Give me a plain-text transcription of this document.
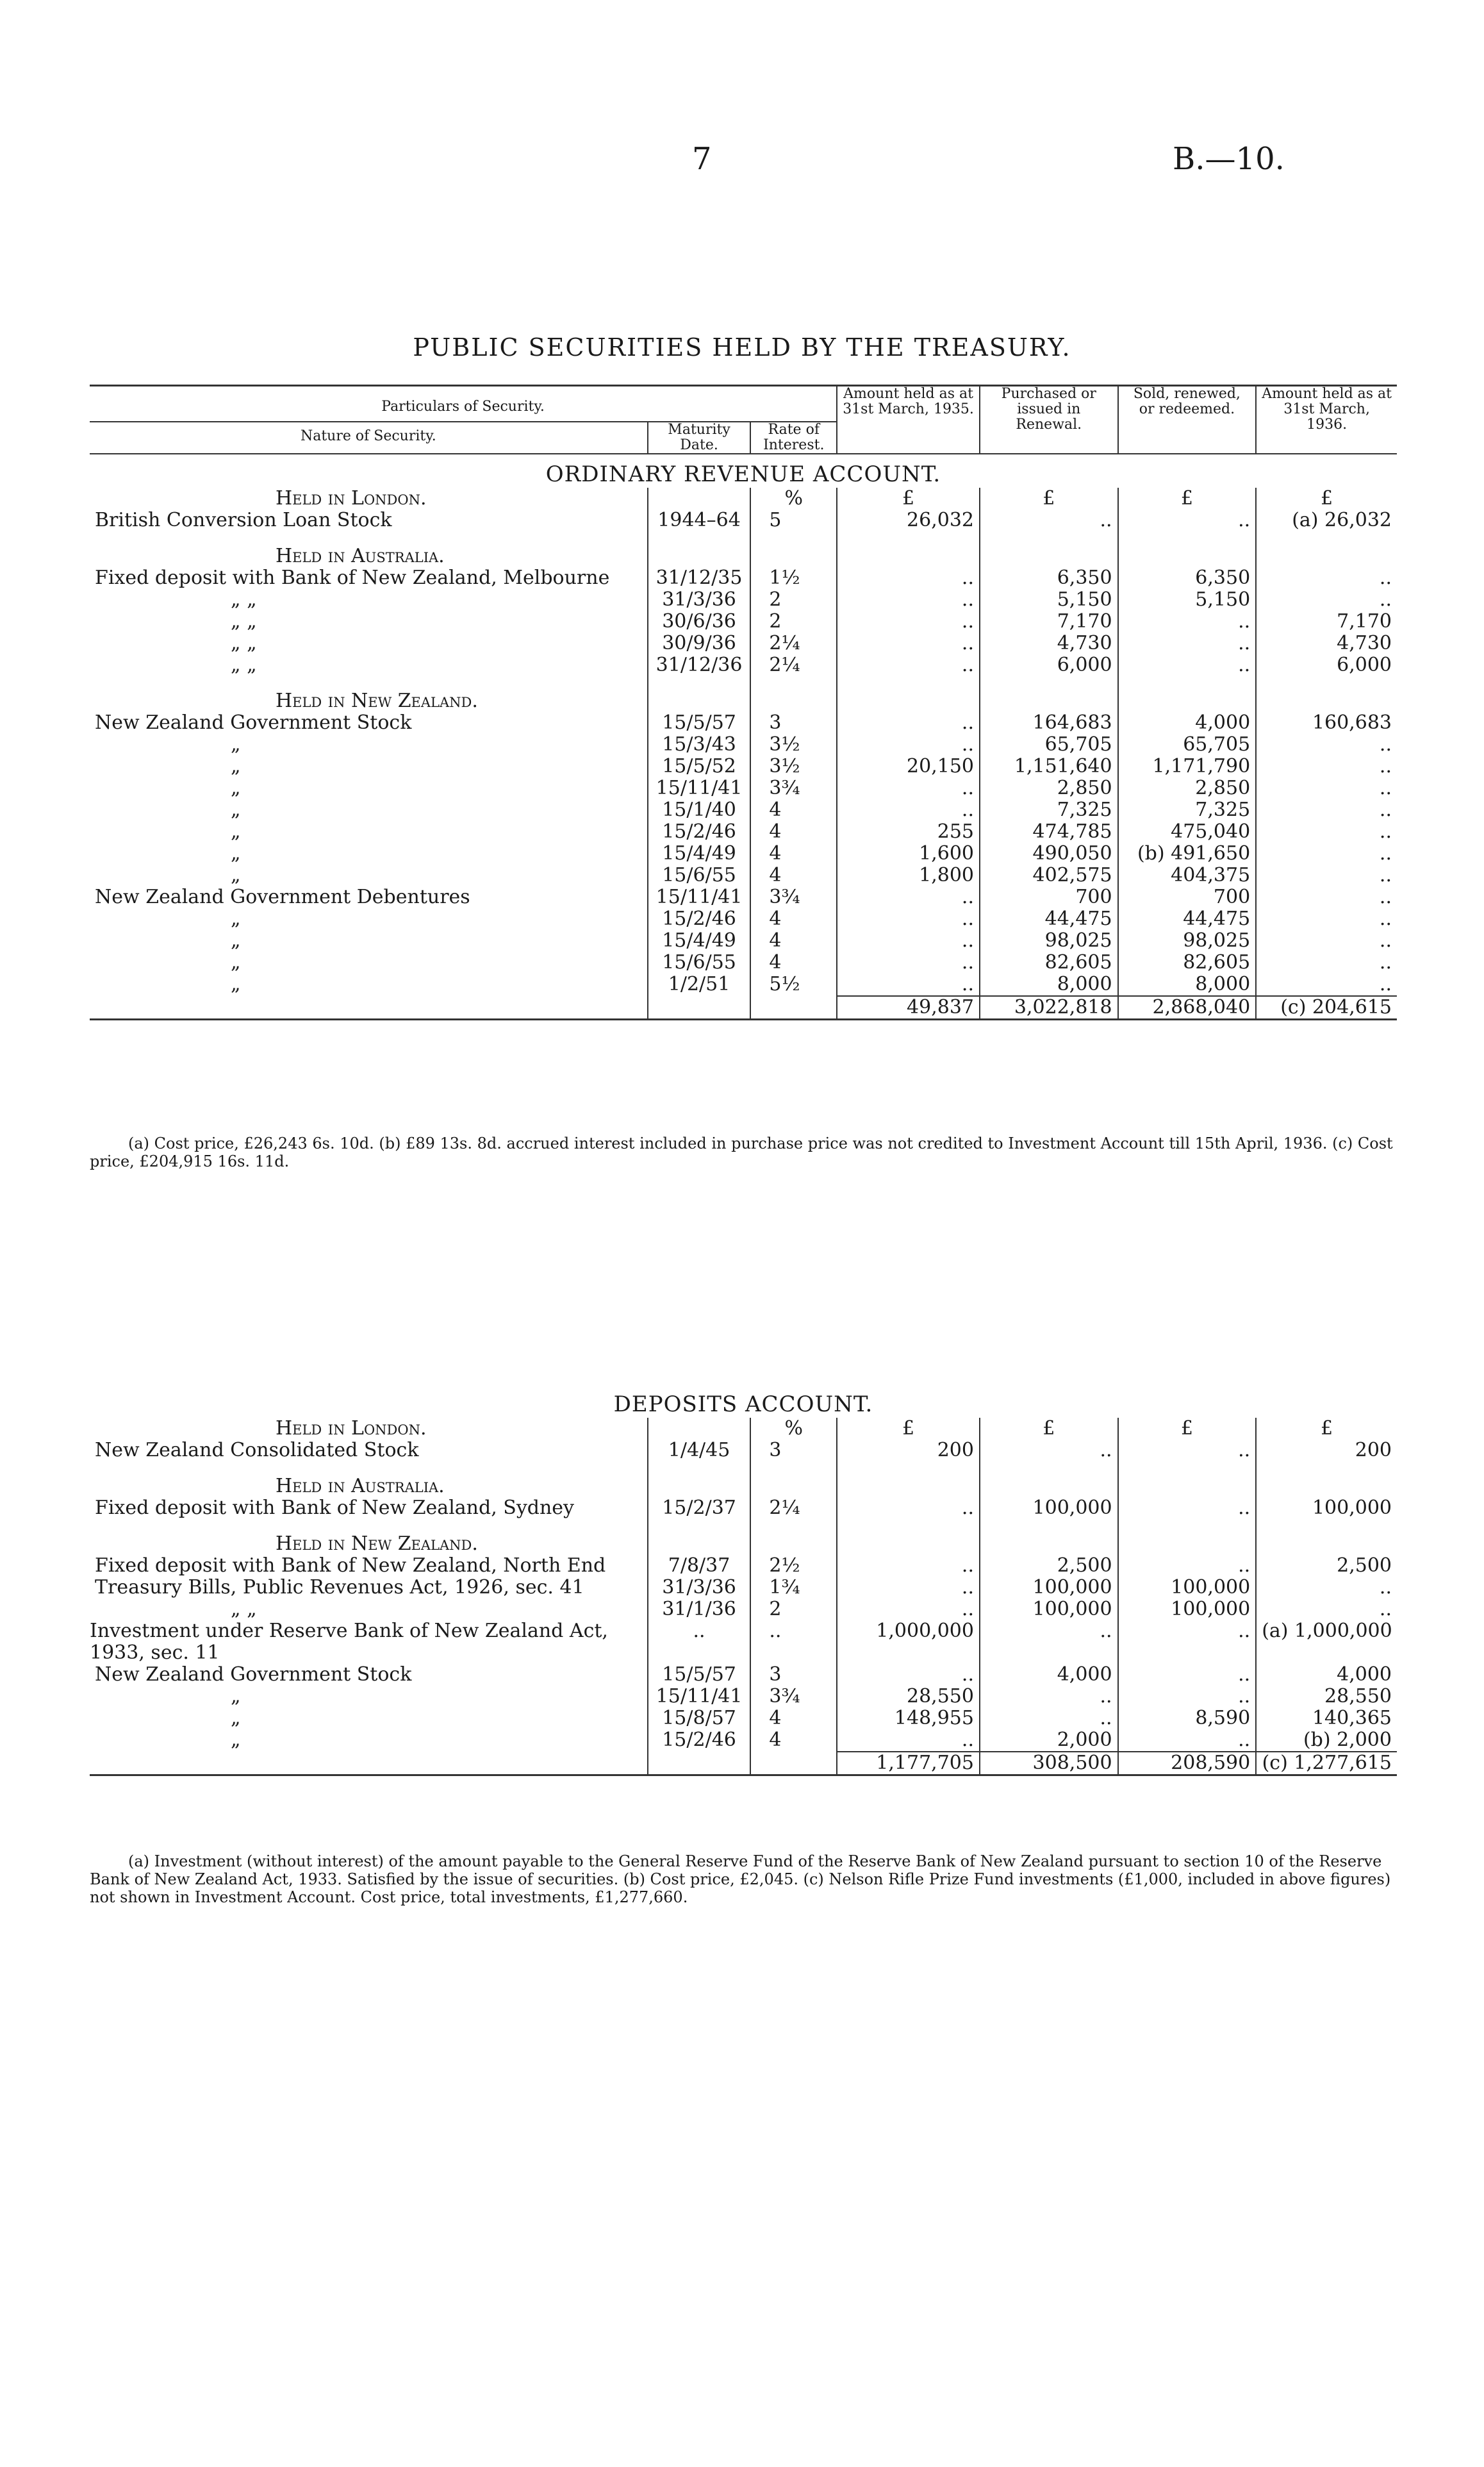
7	B.—10.
PUBLIC SECURITIES HELD BY THE TREASURY.
Particulars of Security.			Amount held as at 31st March, 1935.	Purchased or issued in Renewal.	Sold, renewed, or redeemed.	Amount held as at 31st March, 1936.
Nature of Security.	Maturity Date.	Rate of Interest.				
ORDINARY REVENUE ACCOUNT.						
Held in London.		%	£	£	£	£
British Conversion Loan Stock	1944–64	5	26,032	..	..	(a) 26,032
Held in Australia.						
Fixed deposit with Bank of New Zealand, Melbourne	31/12/35	1½	..	6,350	6,350	..
„ „	31/3/36	2	..	5,150	5,150	..
„ „	30/6/36	2	..	7,170	..	7,170
„ „	30/9/36	2¼	..	4,730	..	4,730
„ „	31/12/36	2¼	..	6,000	..	6,000
Held in New Zealand.						
New Zealand Government Stock	15/5/57	3	..	164,683	4,000	160,683
„	15/3/43	3½	..	65,705	65,705	..
„	15/5/52	3½	20,150	1,151,640	1,171,790	..
„	15/11/41	3¾	..	2,850	2,850	..
„	15/1/40	4	..	7,325	7,325	..
„	15/2/46	4	255	474,785	475,040	..
„	15/4/49	4	1,600	490,050	(b) 491,650	..
„	15/6/55	4	1,800	402,575	404,375	..
New Zealand Government Debentures	15/11/41	3¾	..	700	700	..
„	15/2/46	4	..	44,475	44,475	..
„	15/4/49	4	..	98,025	98,025	..
„	15/6/55	4	..	82,605	82,605	..
„	1/2/51	5½	..	8,000	8,000	..
			49,837	3,022,818	2,868,040	(c) 204,615
(a) Cost price, £26,243 6s. 10d. (b) £89 13s. 8d. accrued interest included in purchase price was not credited to Investment Account till 15th April, 1936. (c) Cost price, £204,915 16s. 11d.
DEPOSITS ACCOUNT.						
Held in London.		%	£	£	£	£
New Zealand Consolidated Stock	1/4/45	3	200	..	..	200
Held in Australia.						
Fixed deposit with Bank of New Zealand, Sydney	15/2/37	2¼	..	100,000	..	100,000
Held in New Zealand.						
Fixed deposit with Bank of New Zealand, North End	7/8/37	2½	..	2,500	..	2,500
Treasury Bills, Public Revenues Act, 1926, sec. 41	31/3/36	1¾	..	100,000	100,000	..
„ „	31/1/36	2	..	100,000	100,000	..
Investment under Reserve Bank of New Zealand Act, 1933, sec. 11	..	..	1,000,000	..	..	(a) 1,000,000
New Zealand Government Stock	15/5/57	3	..	4,000	..	4,000
„	15/11/41	3¾	28,550	..	..	28,550
„	15/8/57	4	148,955	..	8,590	140,365
„	15/2/46	4	..	2,000	..	(b) 2,000
			1,177,705	308,500	208,590	(c) 1,277,615
(a) Investment (without interest) of the amount payable to the General Reserve Fund of the Reserve Bank of New Zealand pursuant to section 10 of the Reserve Bank of New Zealand Act, 1933. Satisfied by the issue of securities. (b) Cost price, £2,045. (c) Nelson Rifle Prize Fund investments (£1,000, included in above figures) not shown in Investment Account. Cost price, total investments, £1,277,660.
